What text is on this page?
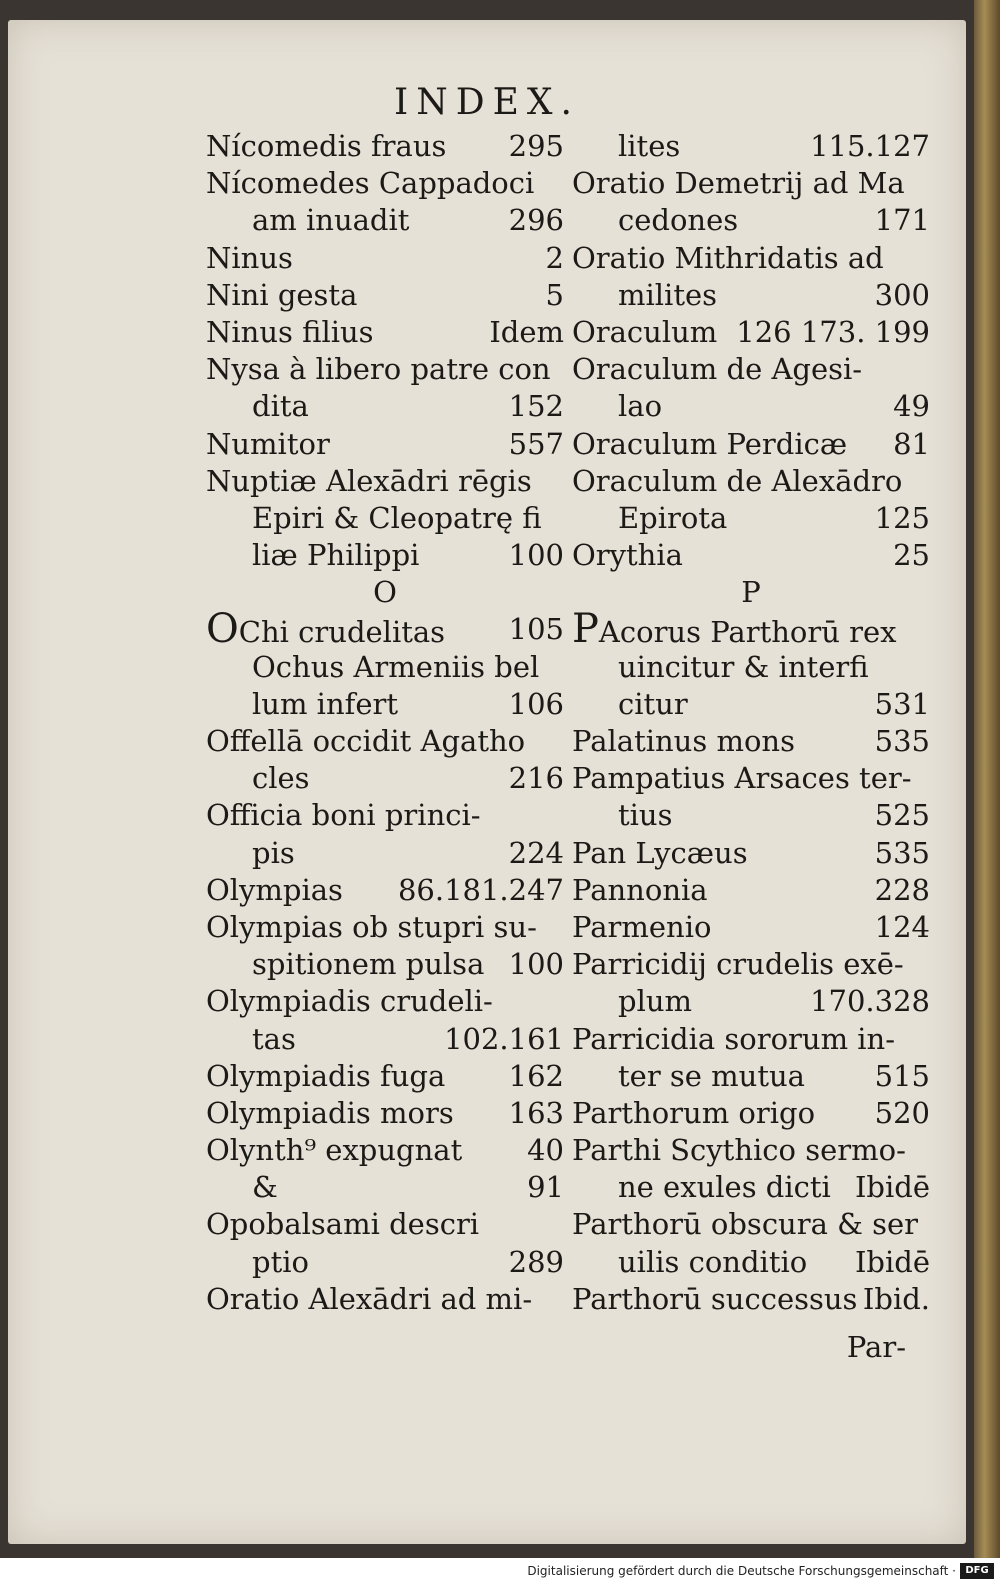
INDEX.
Nícomedis fraus 295
Nícomedes Cappadoci
am inuadit	296
Ninus	2
Nini gesta	5
Ninus filius	Idem
Nysa à libero patre con
dita	152
Numitor	557
Nuptiæ Alexādri rēgis
Epiri & Cleopatrę fi
liæ Philippi	100
O
OChi crudelitas 105
Ochus Armeniis bel
lum infert	106
Offellā occidit Agatho
cles	216
Officia boni princi-
pis	224
Olympias 86.181.247
Olympias ob stupri su-
spitionem pulsa 100
Olympiadis crudeli-
tas	102.161
Olympiadis fuga 162
Olympiadis mors 163
Olynth⁹ expugnat 40
&	91
Opobalsami descri
ptio	289
Oratio Alexādri ad mi-
lites	115.127
Oratio Demetrij ad Ma
cedones	171
Oratio Mithridatis ad
milites	300
Oraculum 126 173. 199
Oraculum de Agesi-
lao	49
Oraculum Perdicæ 81
Oraculum de Alexādro
Epirota	125
Orythia	25
P
PAcorus Parthorū rex
uincitur & interfi
citur	531
Palatinus mons	535
Pampatius Arsaces ter-
tius	525
Pan Lycæus	535
Pannonia	228
Parmenio	124
Parricidij crudelis exē-
plum	170.328
Parricidia sororum in-
ter se mutua 515
Parthorum origo 520
Parthi Scythico sermo-
ne exules dicti Ibidē
Parthorū obscura & ser
uilis conditio Ibidē
Parthorū successus Ibid.
Par-
Digitalisierung gefördert durch die Deutsche Forschungsgemeinschaft · DFG
